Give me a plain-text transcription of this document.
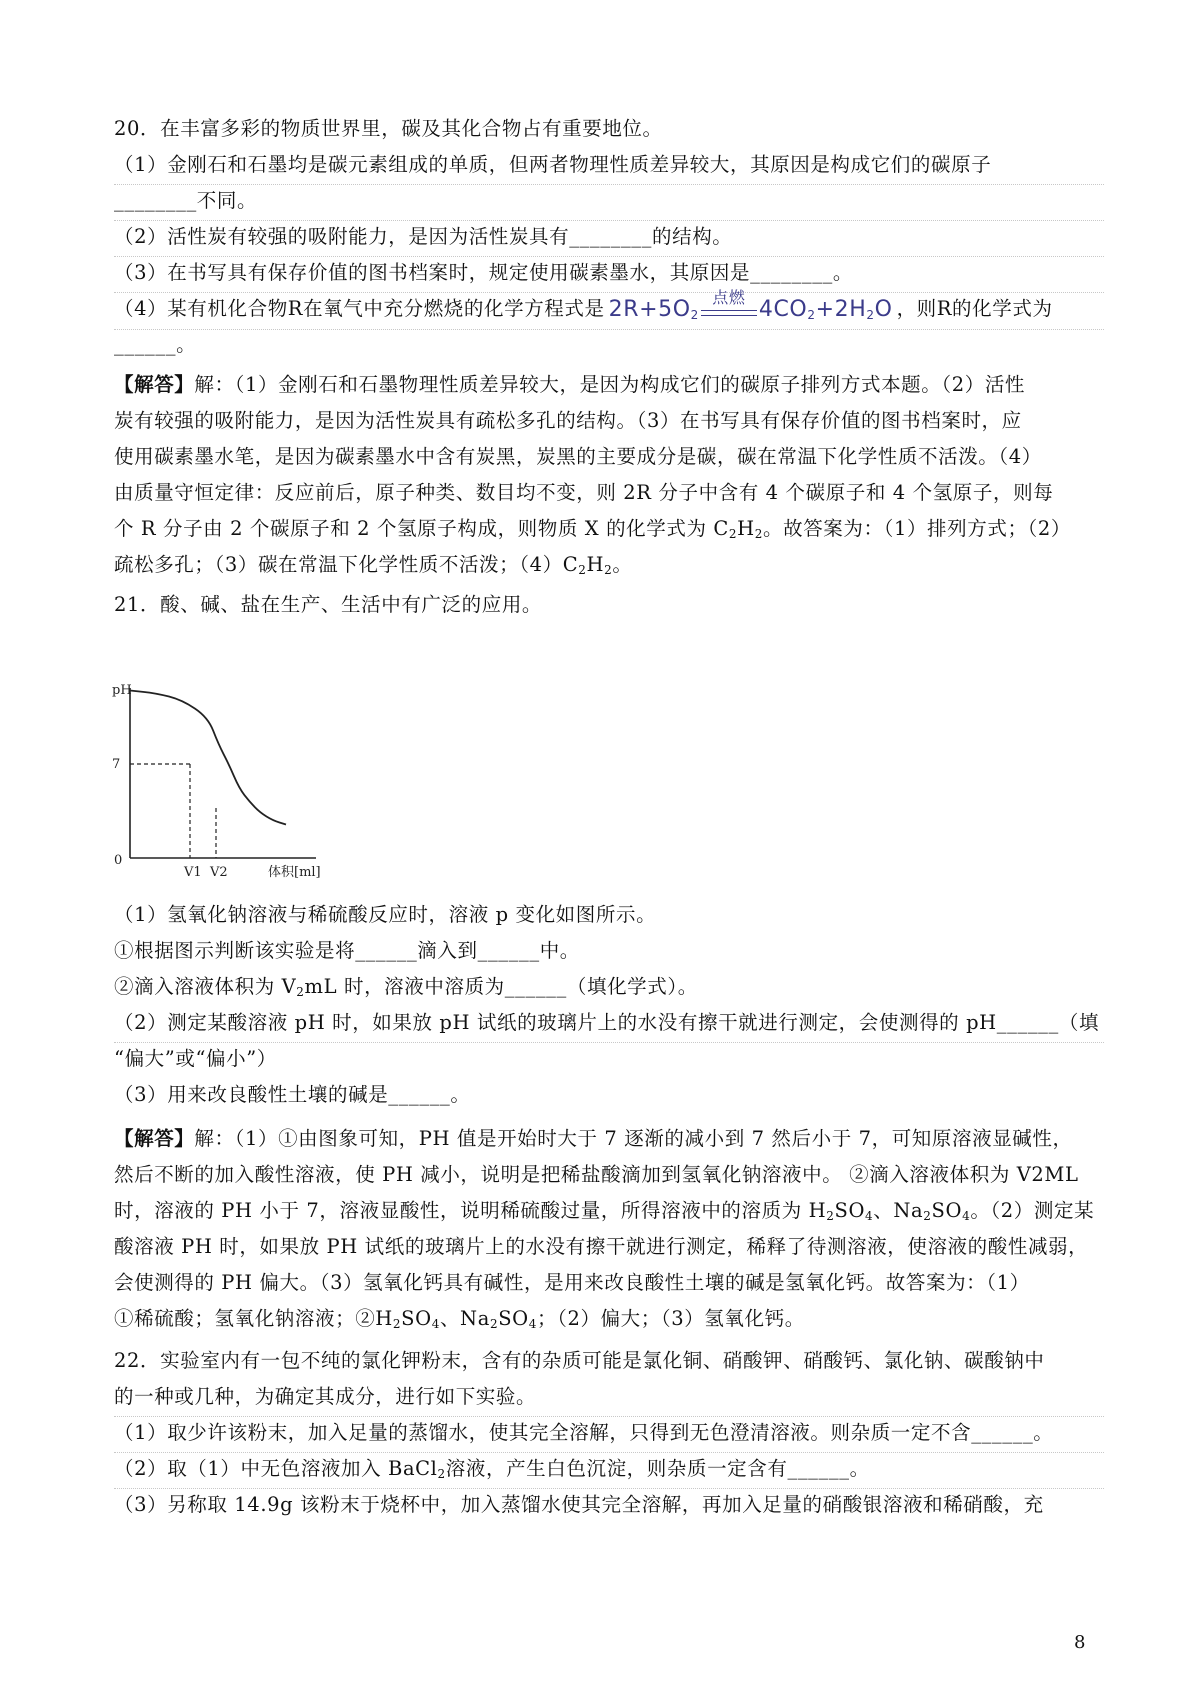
20．在丰富多彩的物质世界里，碳及其化合物占有重要地位。
（1）金刚石和石墨均是碳元素组成的单质，但两者物理性质差异较大，其原因是构成它们的碳原子
________不同。
（2）活性炭有较强的吸附能力，是因为活性炭具有________的结构。
（3）在书写具有保存价值的图书档案时，规定使用碳素墨水，其原因是________。
（4）某有机化合物R在氧气中充分燃烧的化学方程式是 $2R+5O_2$
点燃 $4CO_2+2H_2O$ ，则R的化学式为
______。
【解答】解：（1）金刚石和石墨物理性质差异较大，是因为构成它们的碳原子排列方式本题。（2）活性
炭有较强的吸附能力，是因为活性炭具有疏松多孔的结构。（3）在书写具有保存价值的图书档案时，应
使用碳素墨水笔，是因为碳素墨水中含有炭黑，炭黑的主要成分是碳，碳在常温下化学性质不活泼。（4）
由质量守恒定律：反应前后，原子种类、数目均不变，则 2R 分子中含有 4 个碳原子和 4 个氢原子，则每
个 R 分子由 2 个碳原子和 2 个氢原子构成，则物质 X 的化学式为 $C_2H_2$。故答案为：（1）排列方式；（2）
疏松多孔；（3）碳在常温下化学性质不活泼；$(4)C_2H_2$。
21．酸、碱、盐在生产、生活中有广泛的应用。
pH
7
0
V1 V2	体积[ml]
（1）氢氧化钠溶液与稀硫酸反应时，溶液 p 变化如图所示。
①根据图示判断该实验是将______滴入到______中。
②滴入溶液体积为 $V_2mL$ 时，溶液中溶质为______（填化学式）。
（2）测定某酸溶液 pH 时，如果放 pH 试纸的玻璃片上的水没有擦干就进行测定，会使测得的 pH______（填
“偏大”或“偏小”）
（3）用来改良酸性土壤的碱是______。
【解答】解：（1）①由图象可知，PH 值是开始时大于 7 逐渐的减小到 7 然后小于 7，可知原溶液显碱性，
然后不断的加入酸性溶液，使 PH 减小，说明是把稀盐酸滴加到氢氧化钠溶液中。 ②滴入溶液体积为 V2ML
时，溶液的 PH 小于 7，溶液显酸性，说明稀硫酸过量，所得溶液中的溶质为 $H_2SO_4$、$Na_2SO_4$。（2）测定某
酸溶液 PH 时，如果放 PH 试纸的玻璃片上的水没有擦干就进行测定，稀释了待测溶液，使溶液的酸性减弱，
会使测得的 PH 偏大。（3）氢氧化钙具有碱性，是用来改良酸性土壤的碱是氢氧化钙。故答案为：（1）
①稀硫酸；氢氧化钠溶液；$②H_2SO_4$、$Na_2SO_4$；（2）偏大；（3）氢氧化钙。
22．实验室内有一包不纯的氯化钾粉末，含有的杂质可能是氯化铜、硝酸钾、硝酸钙、氯化钠、碳酸钠中
的一种或几种，为确定其成分，进行如下实验。
（1）取少许该粉末，加入足量的蒸馏水，使其完全溶解，只得到无色澄清溶液。则杂质一定不含______。
（2）取（1）中无色溶液加入 BaCl$_2$溶液，产生白色沉淀，则杂质一定含有______。
（3）另称取 14.9g 该粉末于烧杯中，加入蒸馏水使其完全溶解，再加入足量的硝酸银溶液和稀硝酸，充
8
